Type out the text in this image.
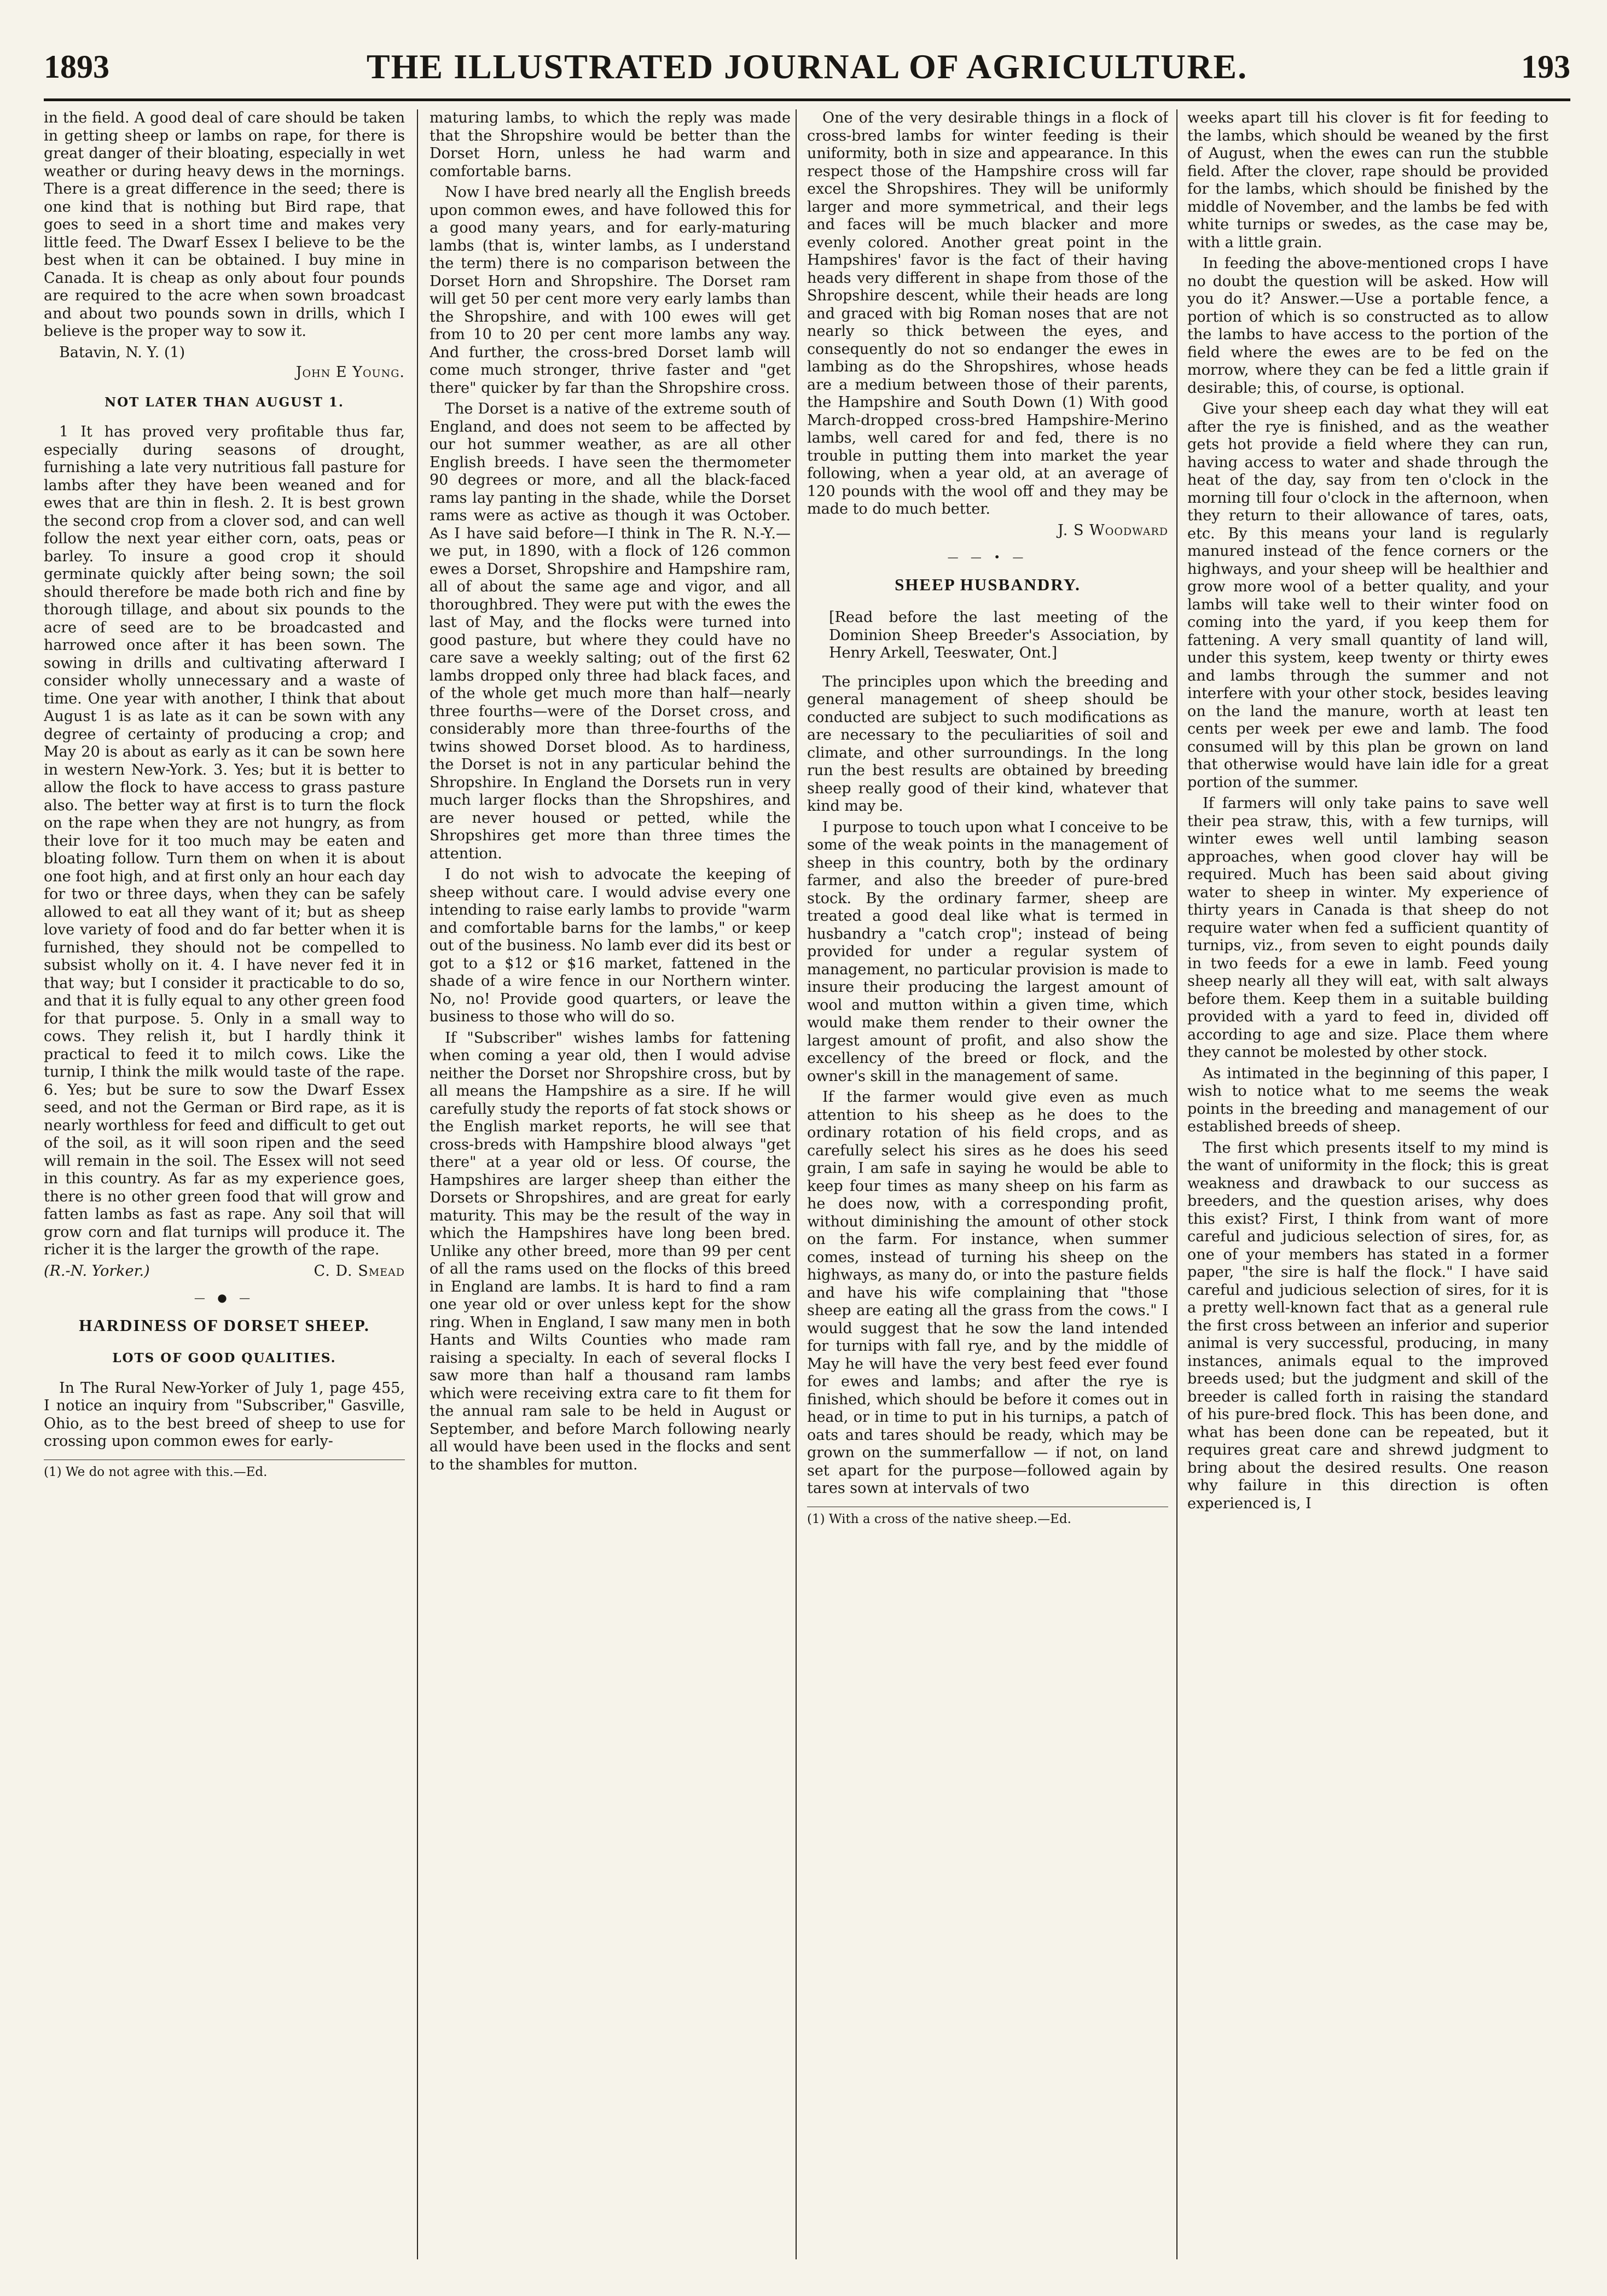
1893	THE ILLUSTRATED JOURNAL OF AGRICULTURE.	193

in the field. A good deal of care should be taken in getting sheep or lambs on rape, for there is great danger of their bloating, especially in wet weather or during heavy dews in the mornings. There is a great difference in the seed; there is one kind that is nothing but Bird rape, that goes to seed in a short time and makes very little feed. The Dwarf Essex I believe to be the best when it can be obtained. I buy mine in Canada. It is cheap as only about four pounds are required to the acre when sown broadcast and about two pounds sown in drills, which I believe is the proper way to sow it.

Batavin, N. Y. (1)

John E Young.

NOT LATER THAN AUGUST 1.

1 It has proved very profitable thus far, especially during seasons of drought, furnishing a late very nutritious fall pasture for lambs after they have been weaned and for ewes that are thin in flesh. 2. It is best grown the second crop from a clover sod, and can well follow the next year either corn, oats, peas or barley. To insure a good crop it should germinate quickly after being sown; the soil should therefore be made both rich and fine by thorough tillage, and about six pounds to the acre of seed are to be broadcasted and harrowed once after it has been sown. The sowing in drills and cultivating afterward I consider wholly unnecessary and a waste of time. One year with another, I think that about August 1 is as late as it can be sown with any degree of certainty of producing a crop; and May 20 is about as early as it can be sown here in western New-York. 3. Yes; but it is better to allow the flock to have access to grass pasture also. The better way at first is to turn the flock on the rape when they are not hungry, as from their love for it too much may be eaten and bloating follow. Turn them on when it is about one foot high, and at first only an hour each day for two or three days, when they can be safely allowed to eat all they want of it; but as sheep love variety of food and do far better when it is furnished, they should not be compelled to subsist wholly on it. 4. I have never fed it in that way; but I consider it practicable to do so, and that it is fully equal to any other green food for that purpose. 5. Only in a small way to cows. They relish it, but I hardly think it practical to feed it to milch cows. Like the turnip, I think the milk would taste of the rape. 6. Yes; but be sure to sow the Dwarf Essex seed, and not the German or Bird rape, as it is nearly worthless for feed and difficult to get out of the soil, as it will soon ripen and the seed will remain in the soil. The Essex will not seed in this country. As far as my experience goes, there is no other green food that will grow and fatten lambs as fast as rape. Any soil that will grow corn and flat turnips will produce it. The richer it is the larger the growth of the rape.

(R.-N. Yorker.)	C. D. Smead

— ● —

HARDINESS OF DORSET SHEEP.

LOTS OF GOOD QUALITIES.

In The Rural New-Yorker of July 1, page 455, I notice an inquiry from "Subscriber," Gasville, Ohio, as to the best breed of sheep to use for crossing upon common ewes for early-

(1) We do not agree with this.—Ed.

maturing lambs, to which the reply was made that the Shropshire would be better than the Dorset Horn, unless he had warm and comfortable barns.

Now I have bred nearly all the English breeds upon common ewes, and have followed this for a good many years, and for early-maturing lambs (that is, winter lambs, as I understand the term) there is no comparison between the Dorset Horn and Shropshire. The Dorset ram will get 50 per cent more very early lambs than the Shropshire, and with 100 ewes will get from 10 to 20 per cent more lambs any way. And further, the cross-bred Dorset lamb will come much stronger, thrive faster and "get there" quicker by far than the Shropshire cross.

The Dorset is a native of the extreme south of England, and does not seem to be affected by our hot summer weather, as are all other English breeds. I have seen the thermometer 90 degrees or more, and all the black-faced rams lay panting in the shade, while the Dorset rams were as active as though it was October. As I have said before—I think in The R. N.-Y.—we put, in 1890, with a flock of 126 common ewes a Dorset, Shropshire and Hampshire ram, all of about the same age and vigor, and all thoroughbred. They were put with the ewes the last of May, and the flocks were turned into good pasture, but where they could have no care save a weekly salting; out of the first 62 lambs dropped only three had black faces, and of the whole get much more than half—nearly three fourths—were of the Dorset cross, and considerably more than three-fourths of the twins showed Dorset blood. As to hardiness, the Dorset is not in any particular behind the Shropshire. In England the Dorsets run in very much larger flocks than the Shropshires, and are never housed or petted, while the Shropshires get more than three times the attention.

I do not wish to advocate the keeping of sheep without care. I would advise every one intending to raise early lambs to provide "warm and comfortable barns for the lambs," or keep out of the business. No lamb ever did its best or got to a $12 or $16 market, fattened in the shade of a wire fence in our Northern winter. No, no! Provide good quarters, or leave the business to those who will do so.

If "Subscriber" wishes lambs for fattening when coming a year old, then I would advise neither the Dorset nor Shropshire cross, but by all means the Hampshire as a sire. If he will carefully study the reports of fat stock shows or the English market reports, he will see that cross-breds with Hampshire blood always "get there" at a year old or less. Of course, the Hampshires are larger sheep than either the Dorsets or Shropshires, and are great for early maturity. This may be the result of the way in which the Hampshires have long been bred. Unlike any other breed, more than 99 per cent of all the rams used on the flocks of this breed in England are lambs. It is hard to find a ram one year old or over unless kept for the show ring. When in England, I saw many men in both Hants and Wilts Counties who made ram raising a specialty. In each of several flocks I saw more than half a thousand ram lambs which were receiving extra care to fit them for the annual ram sale to be held in August or September, and before March following nearly all would have been used in the flocks and sent to the shambles for mutton.

One of the very desirable things in a flock of cross-bred lambs for winter feeding is their uniformity, both in size and appearance. In this respect those of the Hampshire cross will far excel the Shropshires. They will be uniformly larger and more symmetrical, and their legs and faces will be much blacker and more evenly colored. Another great point in the Hampshires' favor is the fact of their having heads very different in shape from those of the Shropshire descent, while their heads are long and graced with big Roman noses that are not nearly so thick between the eyes, and consequently do not so endanger the ewes in lambing as do the Shropshires, whose heads are a medium between those of their parents, the Hampshire and South Down (1) With good March-dropped cross-bred Hampshire-Merino lambs, well cared for and fed, there is no trouble in putting them into market the year following, when a year old, at an average of 120 pounds with the wool off and they may be made to do much better.

J. S Woodward

— — • —

SHEEP HUSBANDRY.

[Read before the last meeting of the Dominion Sheep Breeder's Association, by Henry Arkell, Teeswater, Ont.]

The principles upon which the breeding and general management of sheep should be conducted are subject to such modifications as are necessary to the peculiarities of soil and climate, and other surroundings. In the long run the best results are obtained by breeding sheep really good of their kind, whatever that kind may be.

I purpose to touch upon what I conceive to be some of the weak points in the management of sheep in this country, both by the ordinary farmer, and also the breeder of pure-bred stock. By the ordinary farmer, sheep are treated a good deal like what is termed in husbandry a "catch crop"; instead of being provided for under a regular system of management, no particular provision is made to insure their producing the largest amount of wool and mutton within a given time, which would make them render to their owner the largest amount of profit, and also show the excellency of the breed or flock, and the owner's skill in the management of same.

If the farmer would give even as much attention to his sheep as he does to the ordinary rotation of his field crops, and as carefully select his sires as he does his seed grain, I am safe in saying he would be able to keep four times as many sheep on his farm as he does now, with a corresponding profit, without diminishing the amount of other stock on the farm. For instance, when summer comes, instead of turning his sheep on the highways, as many do, or into the pasture fields and have his wife complaining that "those sheep are eating all the grass from the cows." I would suggest that he sow the land intended for turnips with fall rye, and by the middle of May he will have the very best feed ever found for ewes and lambs; and after the rye is finished, which should be before it comes out in head, or in time to put in his turnips, a patch of oats and tares should be ready, which may be grown on the summerfallow — if not, on land set apart for the purpose—followed again by tares sown at intervals of two

(1) With a cross of the native sheep.—Ed.

weeks apart till his clover is fit for feeding to the lambs, which should be weaned by the first of August, when the ewes can run the stubble field. After the clover, rape should be provided for the lambs, which should be finished by the middle of November, and the lambs be fed with white turnips or swedes, as the case may be, with a little grain.

In feeding the above-mentioned crops I have no doubt the question will be asked. How will you do it? Answer.—Use a portable fence, a portion of which is so constructed as to allow the lambs to have access to the portion of the field where the ewes are to be fed on the morrow, where they can be fed a little grain if desirable; this, of course, is optional.

Give your sheep each day what they will eat after the rye is finished, and as the weather gets hot provide a field where they can run, having access to water and shade through the heat of the day, say from ten o'clock in the morning till four o'clock in the afternoon, when they return to their allowance of tares, oats, etc. By this means your land is regularly manured instead of the fence corners or the highways, and your sheep will be healthier and grow more wool of a better quality, and your lambs will take well to their winter food on coming into the yard, if you keep them for fattening. A very small quantity of land will, under this system, keep twenty or thirty ewes and lambs through the summer and not interfere with your other stock, besides leaving on the land the manure, worth at least ten cents per week per ewe and lamb. The food consumed will by this plan be grown on land that otherwise would have lain idle for a great portion of the summer.

If farmers will only take pains to save well their pea straw, this, with a few turnips, will winter ewes well until lambing season approaches, when good clover hay will be required. Much has been said about giving water to sheep in winter. My experience of thirty years in Canada is that sheep do not require water when fed a sufficient quantity of turnips, viz., from seven to eight pounds daily in two feeds for a ewe in lamb. Feed young sheep nearly all they will eat, with salt always before them. Keep them in a suitable building provided with a yard to feed in, divided off according to age and size. Place them where they cannot be molested by other stock.

As intimated in the beginning of this paper, I wish to notice what to me seems the weak points in the breeding and management of our established breeds of sheep.

The first which presents itself to my mind is the want of uniformity in the flock; this is great weakness and drawback to our success as breeders, and the question arises, why does this exist? First, I think from want of more careful and judicious selection of sires, for, as one of your members has stated in a former paper, "the sire is half the flock." I have said careful and judicious selection of sires, for it is a pretty well-known fact that as a general rule the first cross between an inferior and superior animal is very successful, producing, in many instances, animals equal to the improved breeds used; but the judgment and skill of the breeder is called forth in raising the standard of his pure-bred flock. This has been done, and what has been done can be repeated, but it requires great care and shrewd judgment to bring about the desired results. One reason why failure in this direction is often experienced is, I
